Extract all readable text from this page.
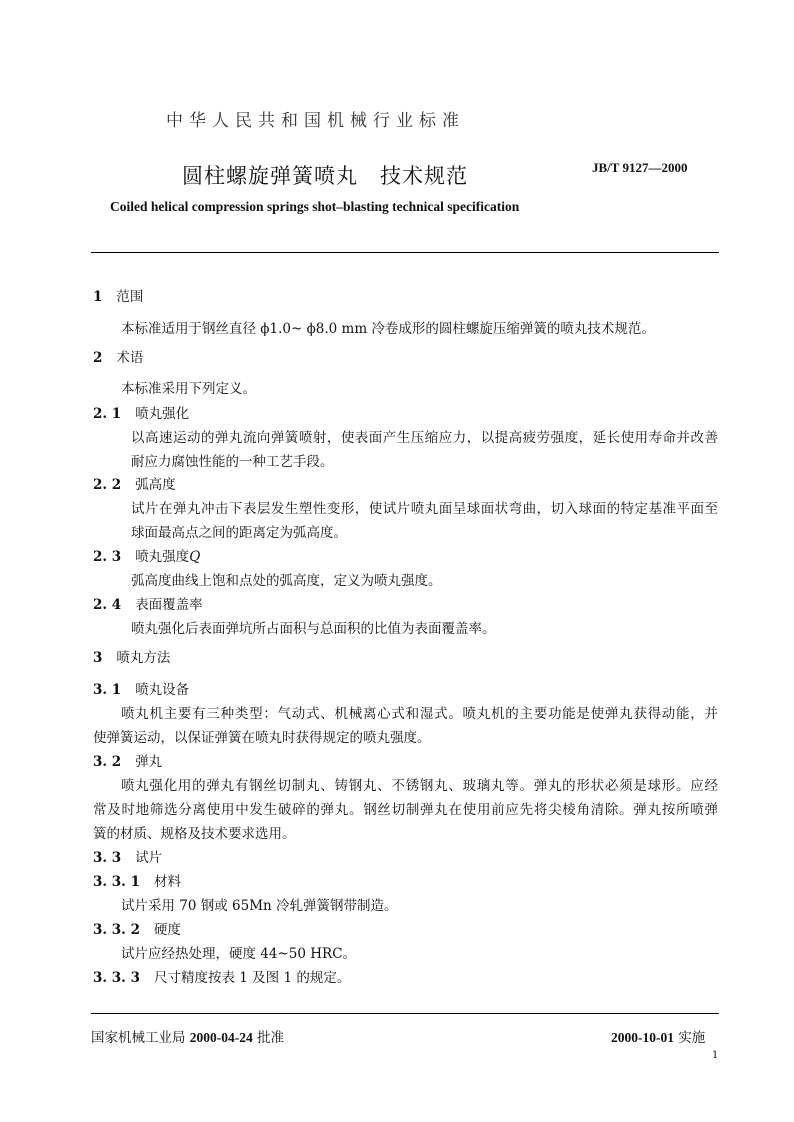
中华人民共和国机械行业标准
圆柱螺旋弹簧喷丸　技术规范	JB/T 9127—2000
Coiled helical compression springs shot–blasting technical specification
1 范围
本标准适用于钢丝直径 ϕ1.0~ ϕ8.0 mm 冷卷成形的圆柱螺旋压缩弹簧的喷丸技术规范。
2 术语
本标准采用下列定义。
2. 1 喷丸强化
以高速运动的弹丸流向弹簧喷射，使表面产生压缩应力，以提高疲劳强度，延长使用寿命并改善
耐应力腐蚀性能的一种工艺手段。
2. 2 弧高度
试片在弹丸冲击下表层发生塑性变形，使试片喷丸面呈球面状弯曲，切入球面的特定基准平面至
球面最高点之间的距离定为弧高度。
2. 3 喷丸强度Q
弧高度曲线上饱和点处的弧高度，定义为喷丸强度。
2. 4 表面覆盖率
喷丸强化后表面弹坑所占面积与总面积的比值为表面覆盖率。
3 喷丸方法
3. 1 喷丸设备
喷丸机主要有三种类型：气动式、机械离心式和湿式。喷丸机的主要功能是使弹丸获得动能，并
使弹簧运动，以保证弹簧在喷丸时获得规定的喷丸强度。
3. 2 弹丸
喷丸强化用的弹丸有钢丝切制丸、铸钢丸、不锈钢丸、玻璃丸等。弹丸的形状必须是球形。应经
常及时地筛选分离使用中发生破碎的弹丸。钢丝切制弹丸在使用前应先将尖棱角清除。弹丸按所喷弹
簧的材质、规格及技术要求选用。
3. 3 试片
3. 3. 1 材料
试片采用 70 钢或 65Mn 冷轧弹簧钢带制造。
3. 3. 2 硬度
试片应经热处理，硬度 44~50 HRC。
3. 3. 3 尺寸精度按表 1 及图 1 的规定。
国家机械工业局 2000-04-24 批准	2000-10-01 实施
1
